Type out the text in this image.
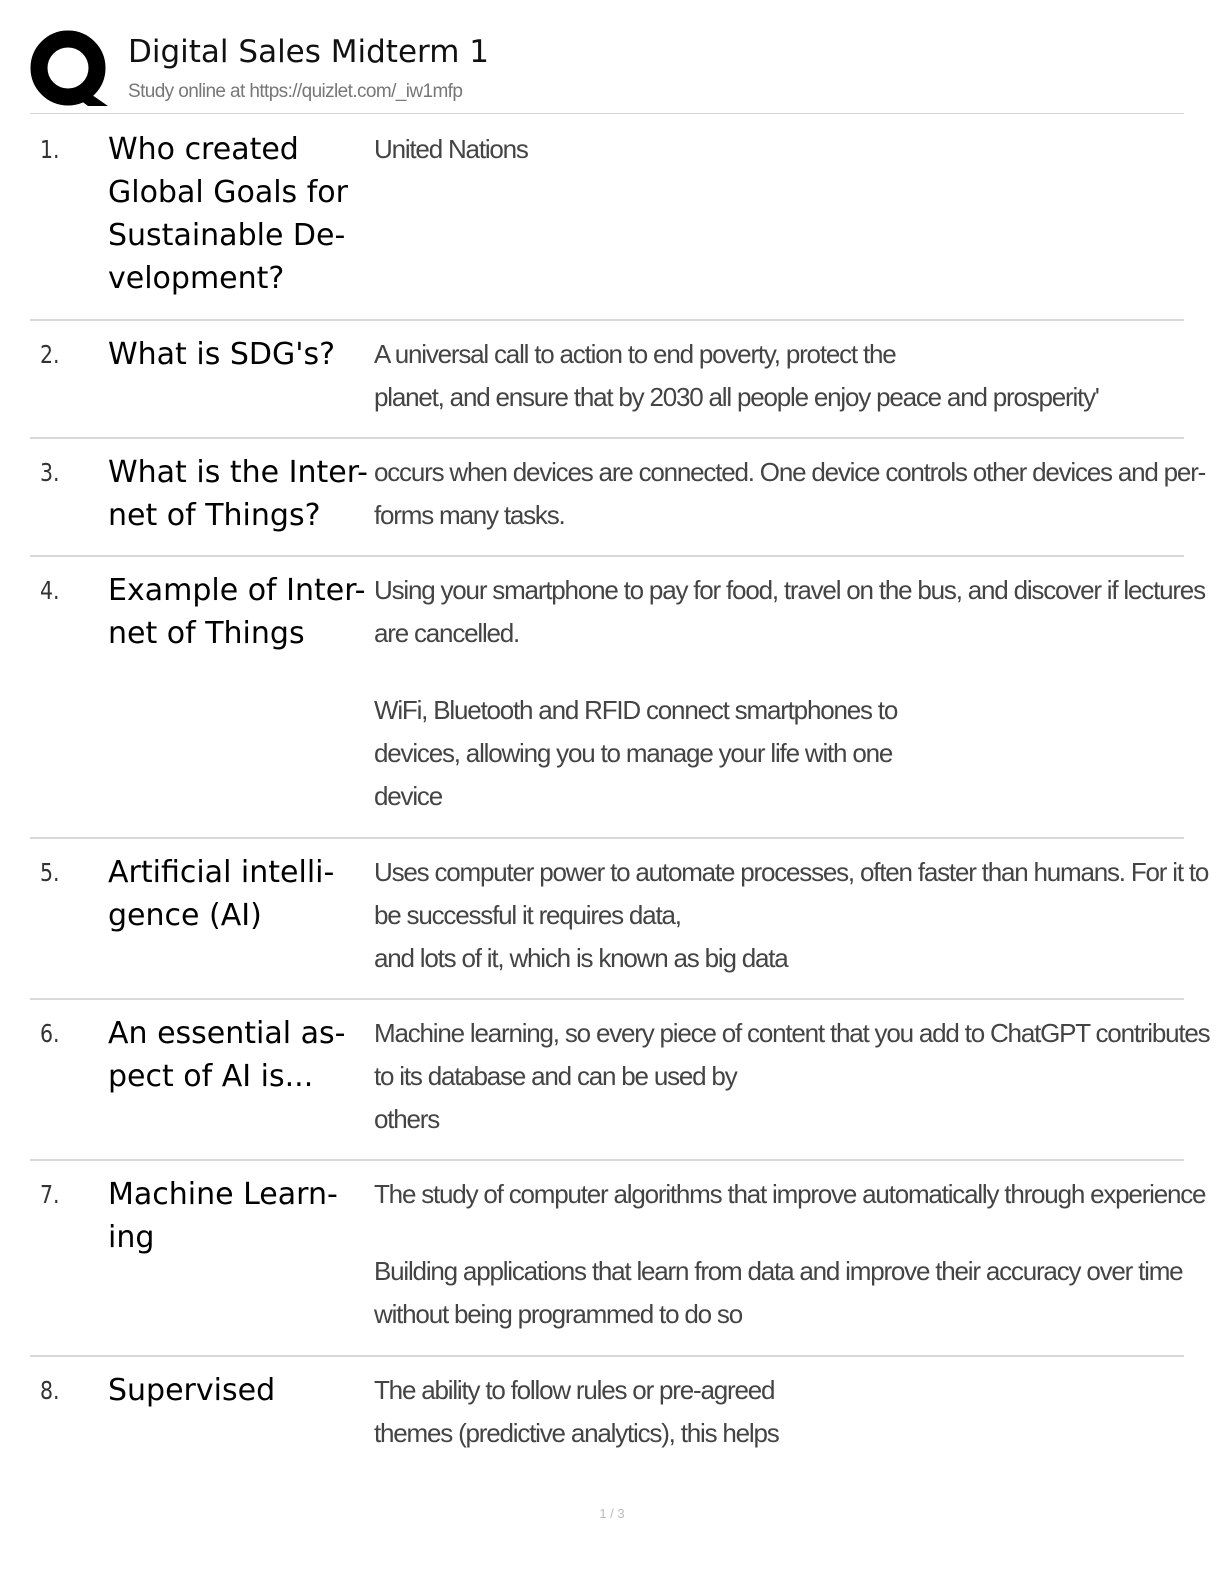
Digital Sales Midterm 1
Study online at https://quizlet.com/_iw1mfp
1. Who created
Global Goals for
Sustainable De-
velopment?
United Nations
2. What is SDG's?	A universal call to action to end poverty, protect the
planet, and ensure that by 2030 all people enjoy peace and prosperity'
3. What is the Inter-
net of Things?
occurs when devices are connected. One device controls other devices and per-
forms many tasks.
4. Example of Inter-
net of Things
Using your smartphone to pay for food, travel on the bus, and discover if lectures
are cancelled.
WiFi, Bluetooth and RFID connect smartphones to
devices, allowing you to manage your life with one
device
5. Artificial intelli-
gence (AI)
Uses computer power to automate processes, often faster than humans. For it to
be successful it requires data,
and lots of it, which is known as big data
6. An essential as-
pect of AI is...
Machine learning, so every piece of content that you add to ChatGPT contributes
to its database and can be used by
others
7. Machine Learn-
ing
The study of computer algorithms that improve automatically through experience
Building applications that learn from data and improve their accuracy over time
without being programmed to do so
8. Supervised	The ability to follow rules or pre-agreed
themes (predictive analytics), this helps
1 / 3
